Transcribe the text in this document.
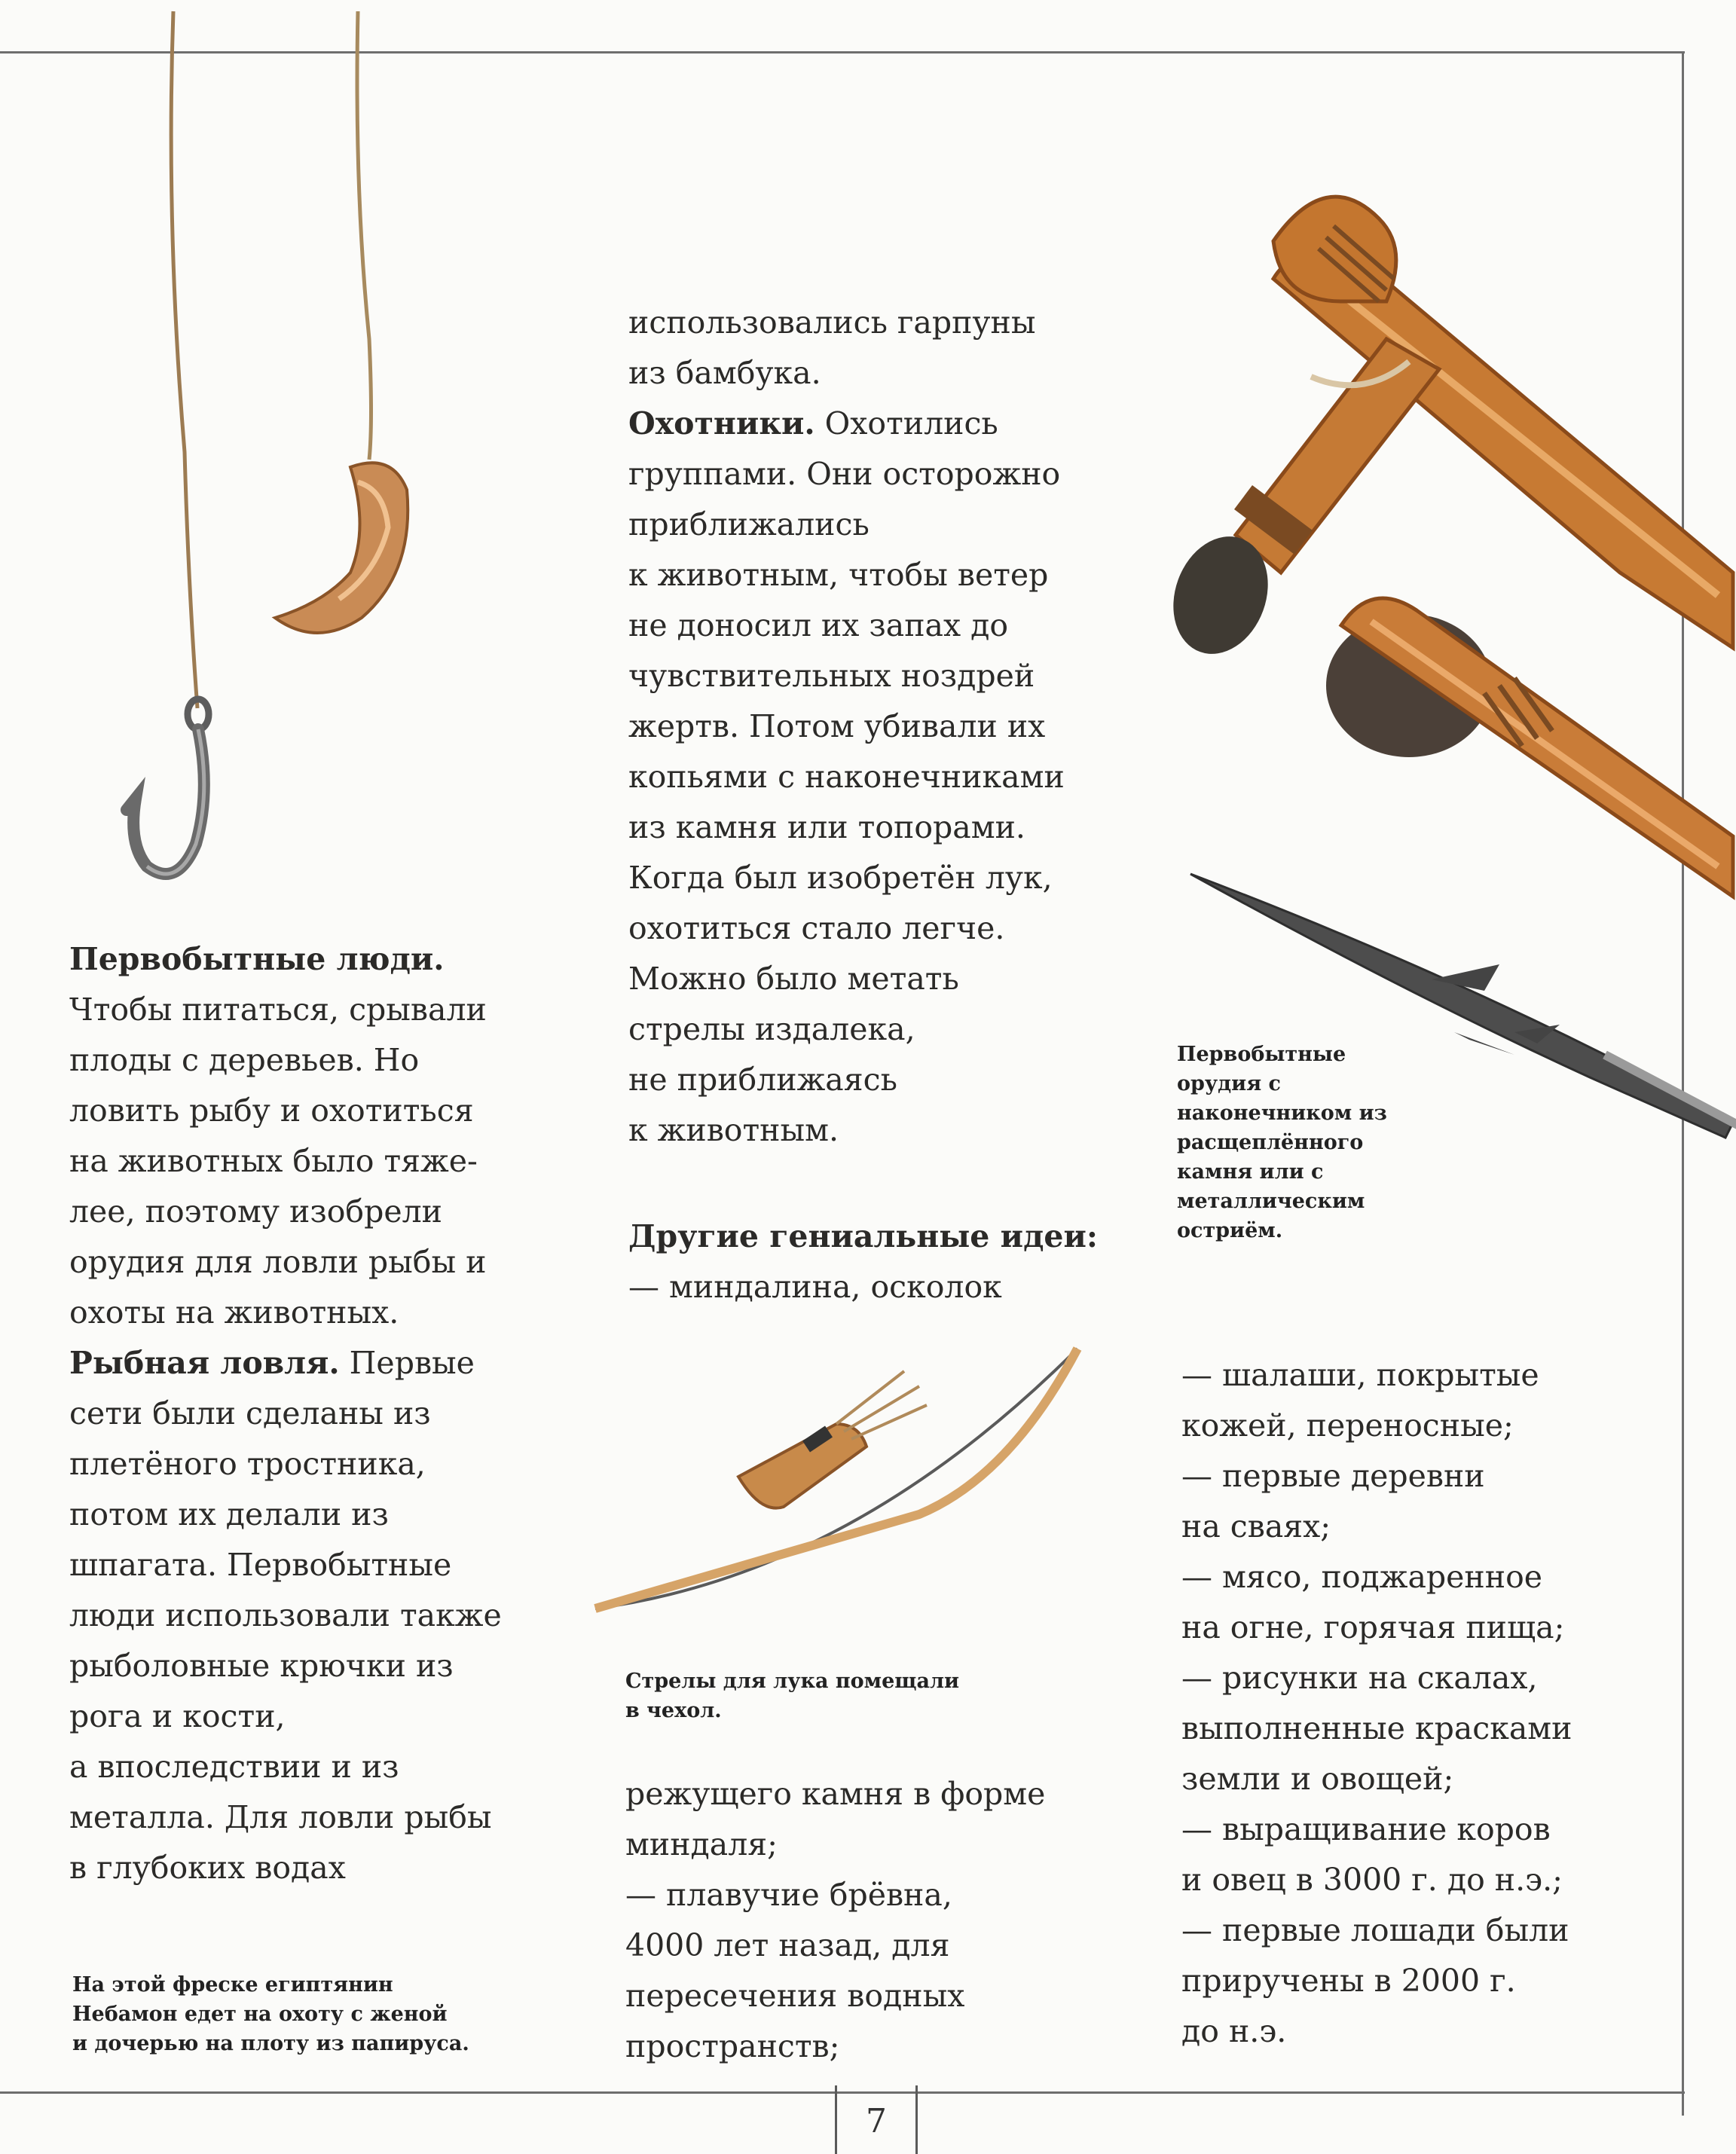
Первобытные люди.

Чтобы питаться, срывали

плоды с деревьев. Но

ловить рыбу и охотиться

на животных было тяже-

лее, поэтому изобрели

орудия для ловли рыбы и

охоты на животных.

Рыбная ловля. Первые

сети были сделаны из

плетёного тростника,

потом их делали из

шпагата. Первобытные

люди использовали также

рыболовные крючки из

рога и кости,

а впоследствии и из

металла. Для ловли рыбы

в глубоких водах

использовались гарпуны

из бамбука.

Охотники. Охотились

группами. Они осторожно

приближались

к животным, чтобы ветер

не доносил их запах до

чувствительных ноздрей

жертв. Потом убивали их

копьями с наконечниками

из камня или топорами.

Когда был изобретён лук,

охотиться стало легче.

Можно было метать

стрелы издалека,

не приближаясь

к животным.

Другие гениальные идеи:

— миндалина, осколок

режущего камня в форме

миндаля;

— плавучие брёвна,

4000 лет назад, для

пересечения водных

пространств;

— шалаши, покрытые

кожей, переносные;

— первые деревни

на сваях;

— мясо, поджаренное

на огне, горячая пища;

— рисунки на скалах,

выполненные красками

земли и овощей;

— выращивание коров

и овец в 3000 г. до н.э.;

— первые лошади были

приручены в 2000 г.

до н.э.

Первобытные
орудия с
наконечником из
расщеплённого
камня или с
металлическим
остриём.
Стрелы для лука помещали
в чехол.
На этой фреске египтянин
Небамон едет на охоту с женой
и дочерью на плоту из папируса.
7
